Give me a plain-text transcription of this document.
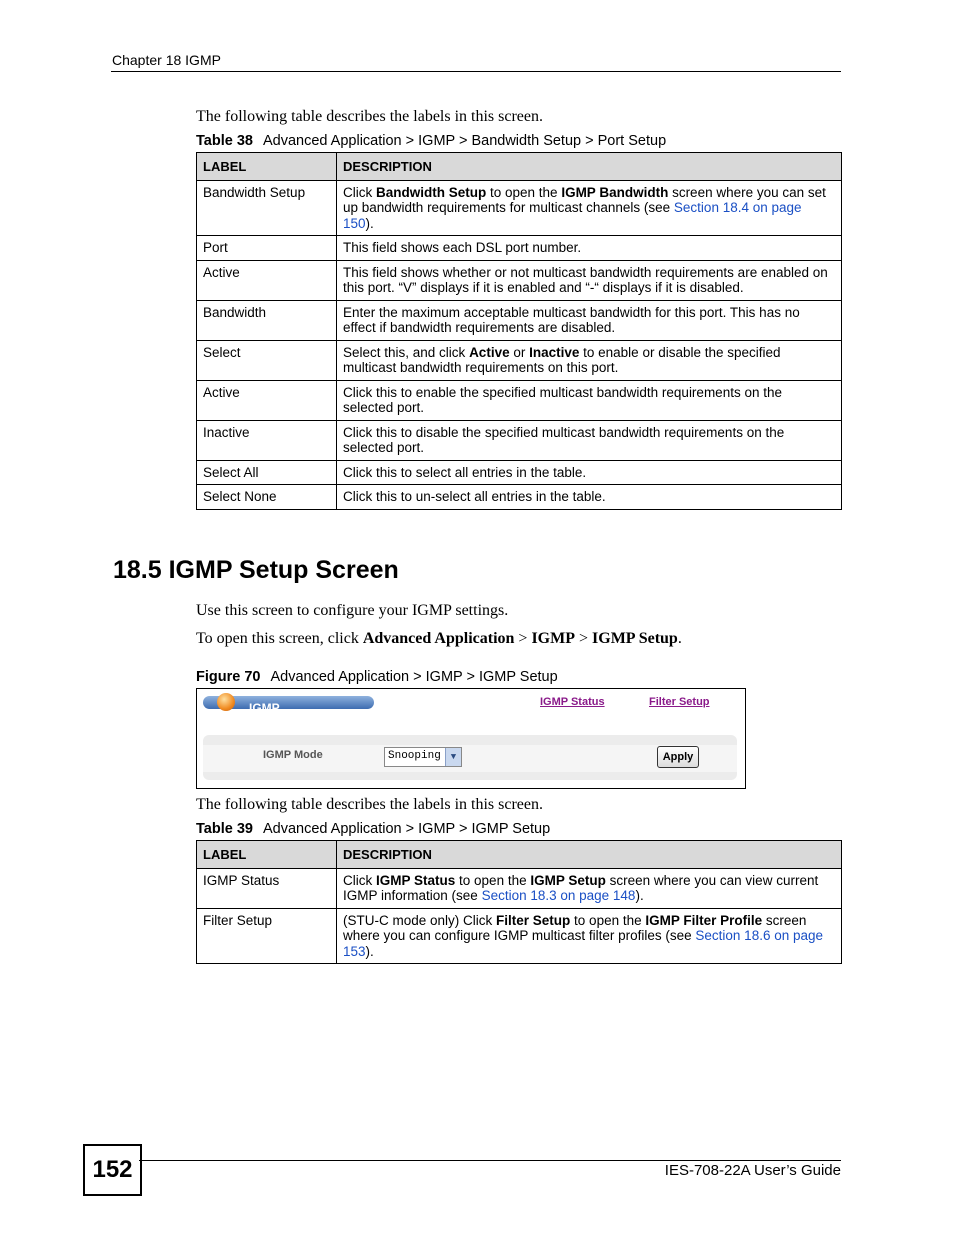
Chapter 18 IGMP
The following table describes the labels in this screen.
Table 38 Advanced Application > IGMP > Bandwidth Setup > Port Setup
LABEL	DESCRIPTION
Bandwidth Setup	Click Bandwidth Setup to open the IGMP Bandwidth screen where you can set up bandwidth requirements for multicast channels (see Section 18.4 on page 150).
Port	This field shows each DSL port number.
Active	This field shows whether or not multicast bandwidth requirements are enabled on this port. “V” displays if it is enabled and “-“ displays if it is disabled.
Bandwidth	Enter the maximum acceptable multicast bandwidth for this port. This has no effect if bandwidth requirements are disabled.
Select	Select this, and click Active or Inactive to enable or disable the specified multicast bandwidth requirements on this port.
Active	Click this to enable the specified multicast bandwidth requirements on the selected port.
Inactive	Click this to disable the specified multicast bandwidth requirements on the selected port.
Select All	Click this to select all entries in the table.
Select None	Click this to un-select all entries in the table.
18.5 IGMP Setup Screen
Use this screen to configure your IGMP settings.
To open this screen, click Advanced Application > IGMP > IGMP Setup.
Figure 70 Advanced Application > IGMP > IGMP Setup
IGMP	IGMP Status	Filter Setup
IGMP Mode	Snooping	▼	Apply
The following table describes the labels in this screen.
Table 39 Advanced Application > IGMP > IGMP Setup
LABEL	DESCRIPTION
IGMP Status	Click IGMP Status to open the IGMP Setup screen where you can view current IGMP information (see Section 18.3 on page 148).
Filter Setup	(STU-C mode only) Click Filter Setup to open the IGMP Filter Profile screen where you can configure IGMP multicast filter profiles (see Section 18.6 on page 153).
152	IES-708-22A User’s Guide
